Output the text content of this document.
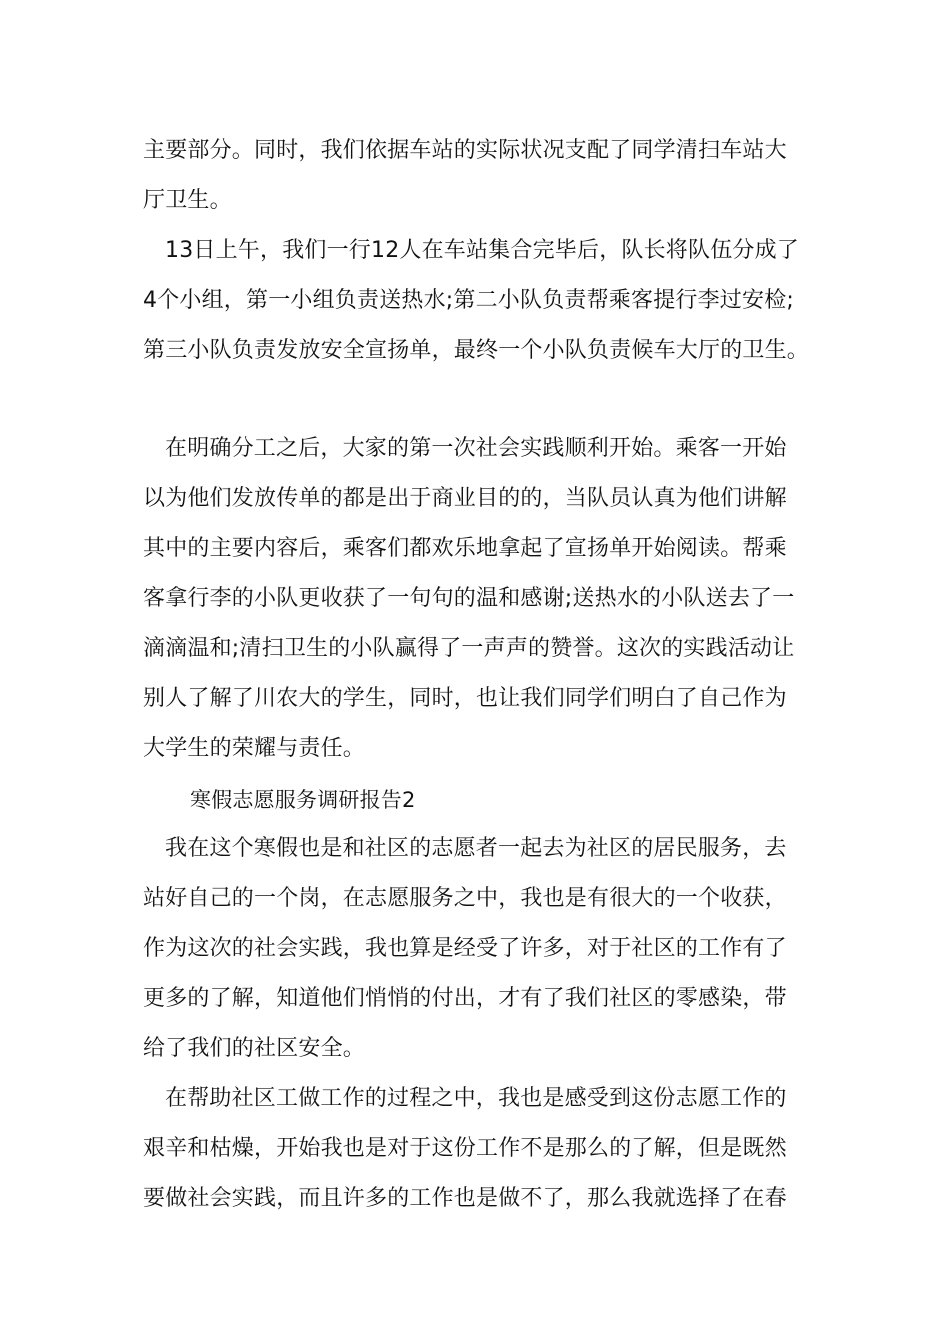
主要部分。同时，我们依据车站的实际状况支配了同学清扫车站大

厅卫生。

13日上午，我们一行12人在车站集合完毕后，队长将队伍分成了

4个小组，第一小组负责送热水;第二小队负责帮乘客提行李过安检;

第三小队负责发放安全宣扬单，最终一个小队负责候车大厅的卫生。

在明确分工之后，大家的第一次社会实践顺利开始。乘客一开始

以为他们发放传单的都是出于商业目的的，当队员认真为他们讲解

其中的主要内容后，乘客们都欢乐地拿起了宣扬单开始阅读。帮乘

客拿行李的小队更收获了一句句的温和感谢;送热水的小队送去了一

滴滴温和;清扫卫生的小队赢得了一声声的赞誉。这次的实践活动让

别人了解了川农大的学生，同时，也让我们同学们明白了自己作为

大学生的荣耀与责任。

寒假志愿服务调研报告2

我在这个寒假也是和社区的志愿者一起去为社区的居民服务，去

站好自己的一个岗，在志愿服务之中，我也是有很大的一个收获，

作为这次的社会实践，我也算是经受了许多，对于社区的工作有了

更多的了解，知道他们悄悄的付出，才有了我们社区的零感染，带

给了我们的社区安全。

在帮助社区工做工作的过程之中，我也是感受到这份志愿工作的

艰辛和枯燥，开始我也是对于这份工作不是那么的了解，但是既然

要做社会实践，而且许多的工作也是做不了，那么我就选择了在春
